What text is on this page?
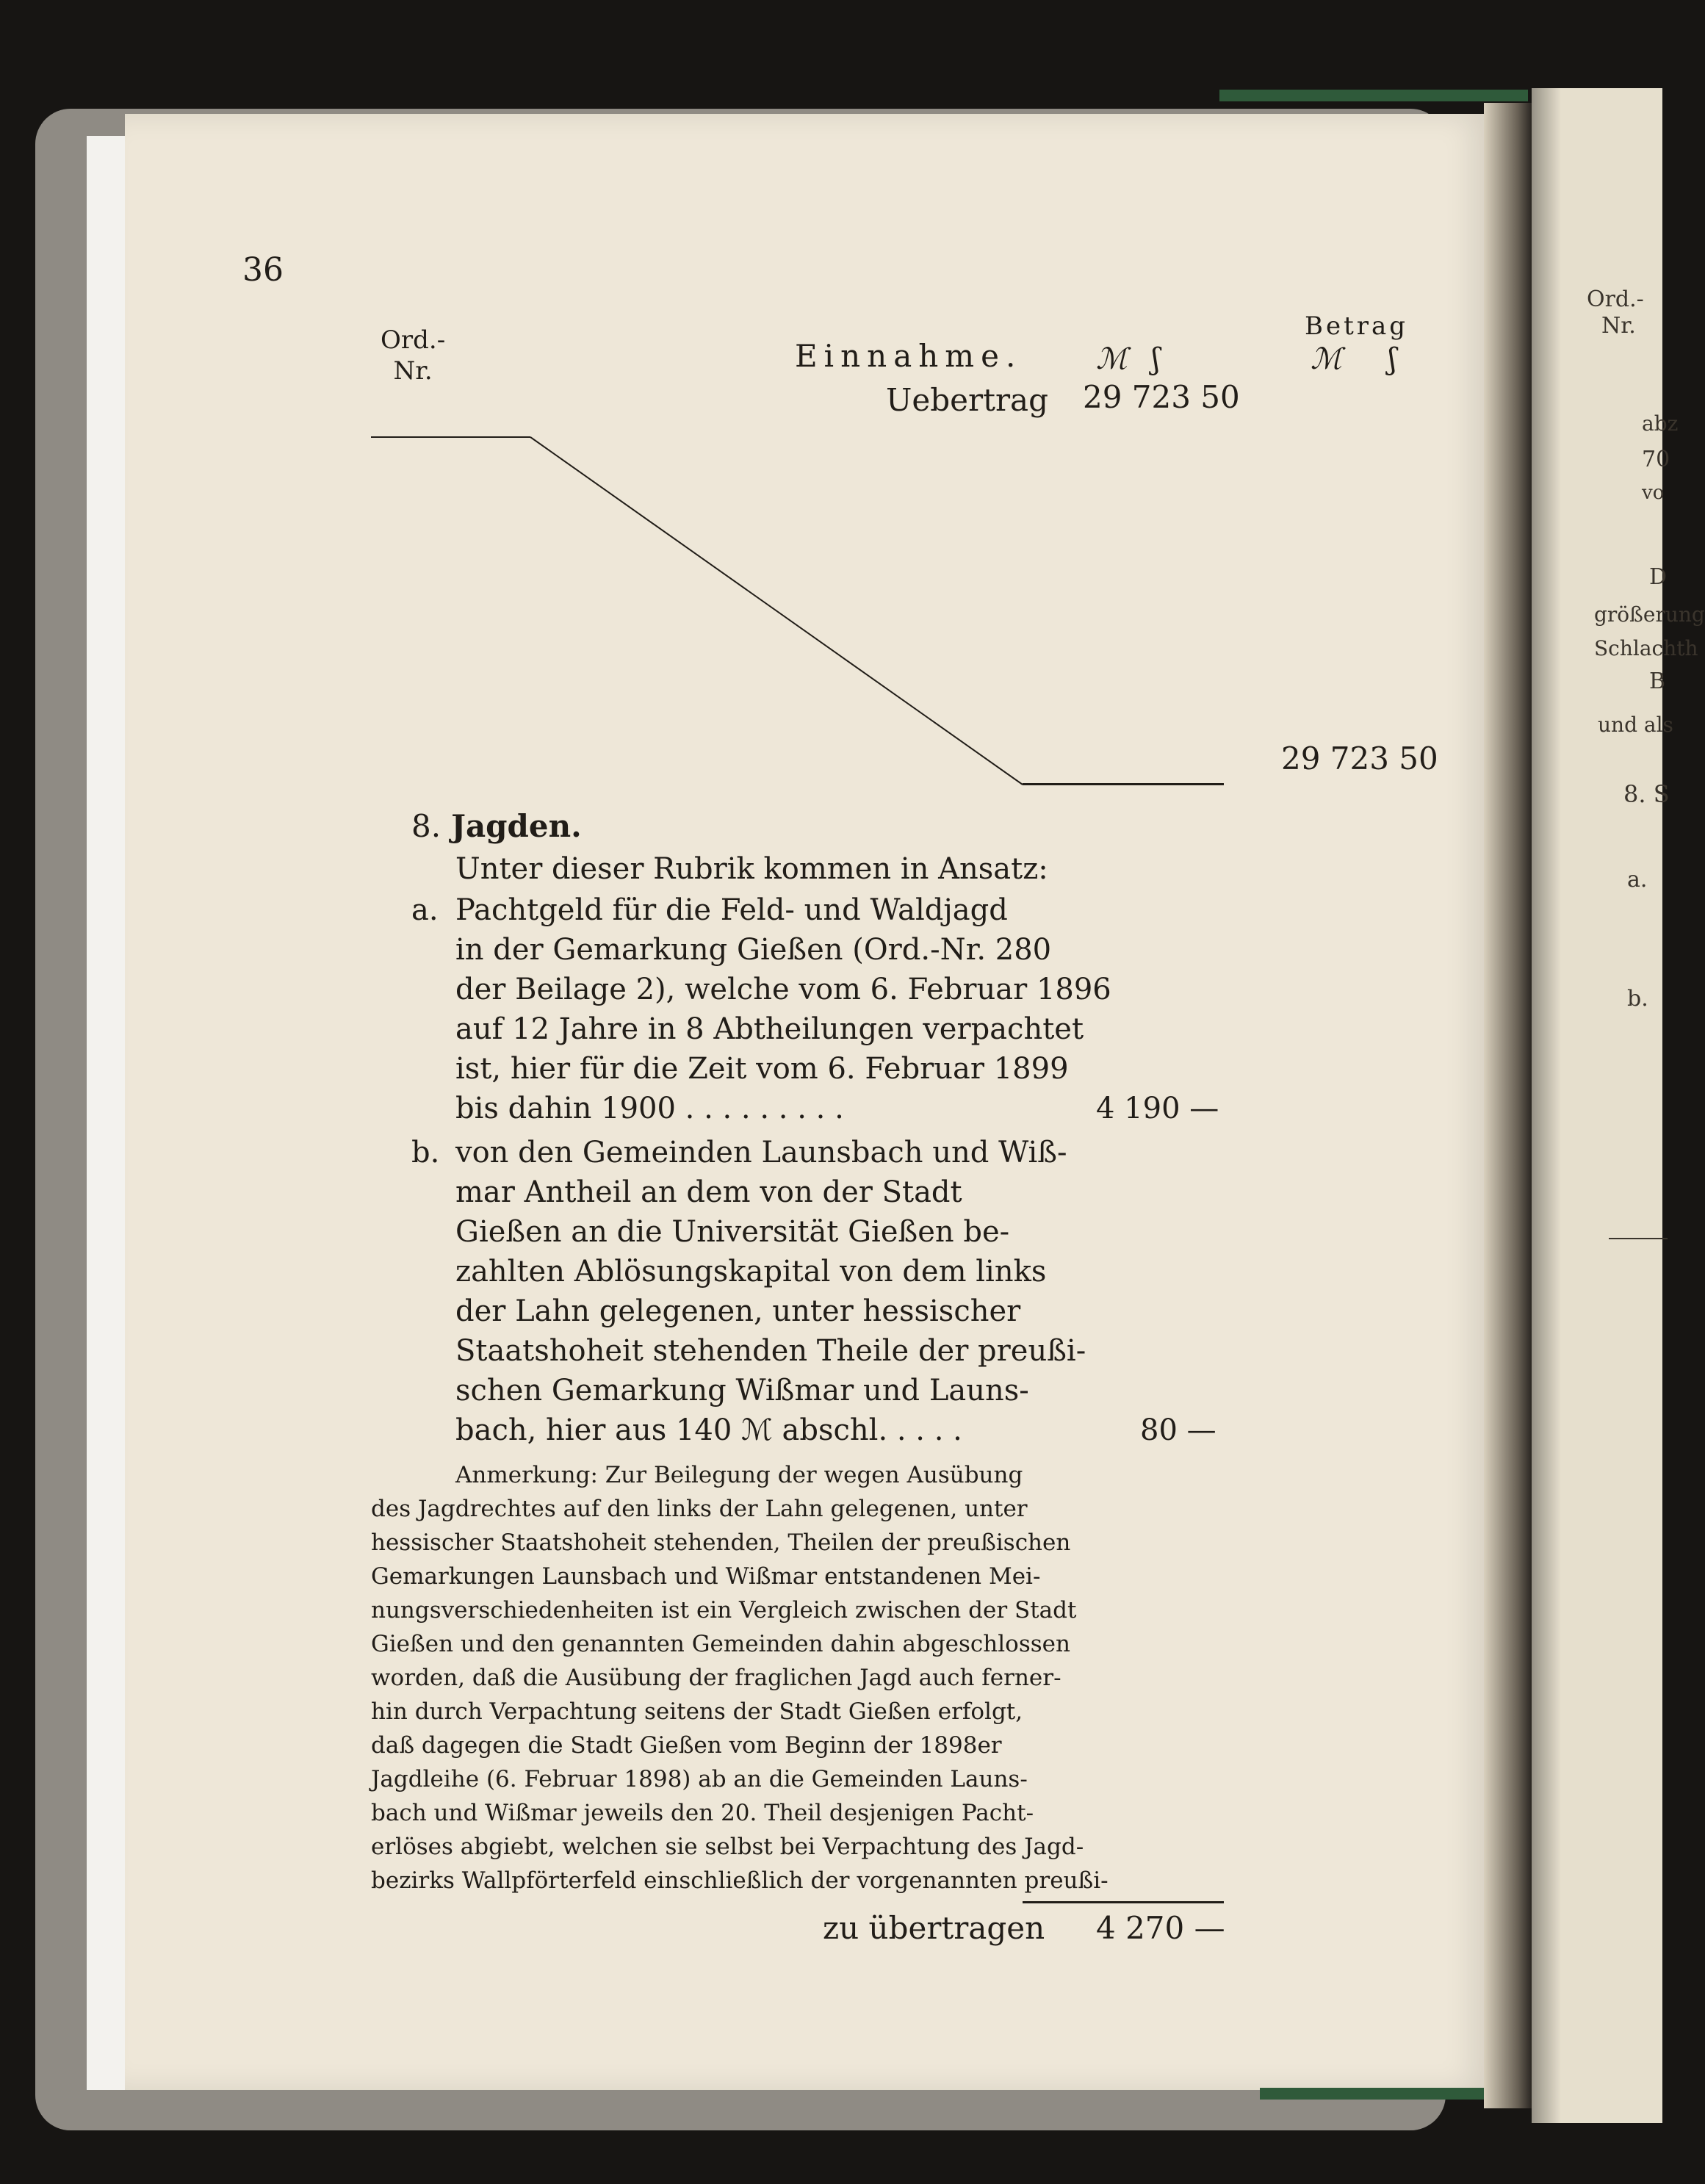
Ord.-
Nr.
abz
70
vo
D
größerung
Schlachth
B
und als
8. S
a.
b.
36
Ord.-
Nr.	Einnahme.
Betrag
ℳ ʃ	ℳ ʃ
Uebertrag 29 723 50
29 723 50
8. Jagden.
Unter dieser Rubrik kommen in Ansatz:
a. Pachtgeld für die Feld- und Waldjagd
in der Gemarkung Gießen (Ord.-Nr. 280
der Beilage 2), welche vom 6. Februar 1896
auf 12 Jahre in 8 Abtheilungen verpachtet
ist, hier für die Zeit vom 6. Februar 1899
bis dahin 1900 . . . . . . . . .	4 190 —
b. von den Gemeinden Launsbach und Wiß-
mar Antheil an dem von der Stadt
Gießen an die Universität Gießen be-
zahlten Ablösungskapital von dem links
der Lahn gelegenen, unter hessischer
Staatshoheit stehenden Theile der preußi-
schen Gemarkung Wißmar und Launs-
bach, hier aus 140 ℳ abschl. . . . .	80 —
Anmerkung: Zur Beilegung der wegen Ausübung
des Jagdrechtes auf den links der Lahn gelegenen, unter
hessischer Staatshoheit stehenden, Theilen der preußischen
Gemarkungen Launsbach und Wißmar entstandenen Mei-
nungsverschiedenheiten ist ein Vergleich zwischen der Stadt
Gießen und den genannten Gemeinden dahin abgeschlossen
worden, daß die Ausübung der fraglichen Jagd auch ferner-
hin durch Verpachtung seitens der Stadt Gießen erfolgt,
daß dagegen die Stadt Gießen vom Beginn der 1898er
Jagdleihe (6. Februar 1898) ab an die Gemeinden Launs-
bach und Wißmar jeweils den 20. Theil desjenigen Pacht-
erlöses abgiebt, welchen sie selbst bei Verpachtung des Jagd-
bezirks Wallpförterfeld einschließlich der vorgenannten preußi-
zu übertragen 4 270 —
